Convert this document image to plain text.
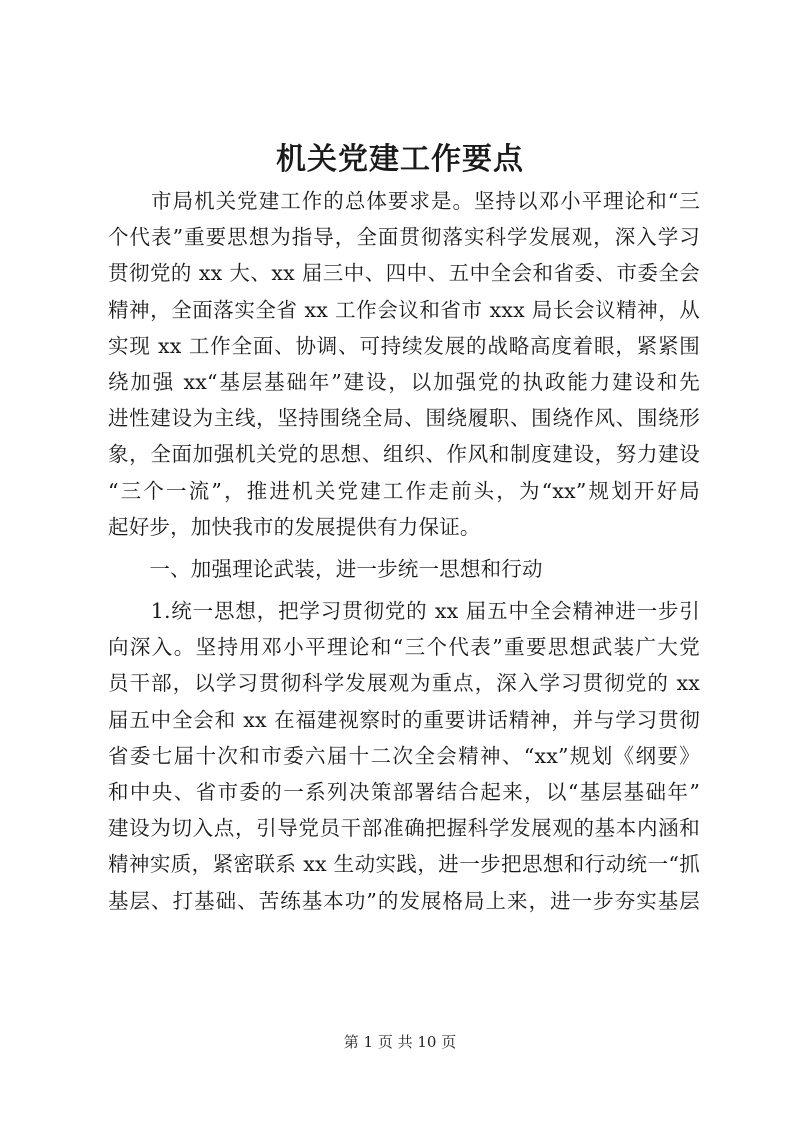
机关党建工作要点
　　市局机关党建工作的总体要求是。坚持以邓小平理论和“三
个代表”重要思想为指导，全面贯彻落实科学发展观，深入学习
贯彻党的 xx 大、xx 届三中、四中、五中全会和省委、市委全会
精神，全面落实全省 xx 工作会议和省市 xxx 局长会议精神，从
实现 xx 工作全面、协调、可持续发展的战略高度着眼，紧紧围
绕加强 xx“基层基础年”建设，以加强党的执政能力建设和先
进性建设为主线，坚持围绕全局、围绕履职、围绕作风、围绕形
象，全面加强机关党的思想、组织、作风和制度建设，努力建设
“三个一流”，推进机关党建工作走前头，为“xx”规划开好局
起好步，加快我市的发展提供有力保证。
　　一、加强理论武装，进一步统一思想和行动
　　1.统一思想，把学习贯彻党的 xx 届五中全会精神进一步引
向深入。坚持用邓小平理论和“三个代表”重要思想武装广大党
员干部，以学习贯彻科学发展观为重点，深入学习贯彻党的 xx
届五中全会和 xx 在福建视察时的重要讲话精神，并与学习贯彻
省委七届十次和市委六届十二次全会精神、“xx”规划《纲要》
和中央、省市委的一系列决策部署结合起来，以“基层基础年”
建设为切入点，引导党员干部准确把握科学发展观的基本内涵和
精神实质，紧密联系 xx 生动实践，进一步把思想和行动统一“抓
基层、打基础、苦练基本功”的发展格局上来，进一步夯实基层
第 1 页 共 10 页
